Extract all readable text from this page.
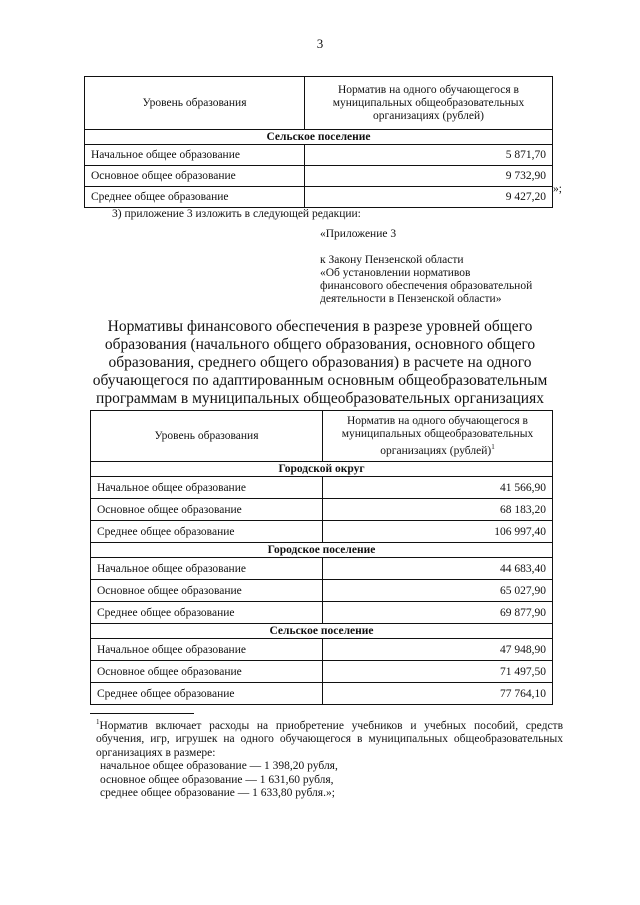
3
Уровень образования	Норматив на одного обучающегося в муниципальных общеобразовательных организациях (рублей)
Сельское поселение	
Начальное общее образование	5 871,70
Основное общее образование	9 732,90
Среднее общее образование	9 427,20
»;
3) приложение 3 изложить в следующей редакции:
«Приложение 3
к Закону Пензенской области
«Об установлении нормативов
финансового обеспечения образовательной
деятельности в Пензенской области»
Нормативы финансового обеспечения в разрезе уровней общего образования (начального общего образования, основного общего образования, среднего общего образования) в расчете на одного обучающегося по адаптированным основным общеобразовательным программам в муниципальных общеобразовательных организациях
Уровень образования	Норматив на одного обучающегося в муниципальных общеобразовательных организациях (рублей)$^1$
Городской округ	
Начальное общее образование	41 566,90
Основное общее образование	68 183,20
Среднее общее образование	106 997,40
Городское поселение	
Начальное общее образование	44 683,40
Основное общее образование	65 027,90
Среднее общее образование	69 877,90
Сельское поселение	
Начальное общее образование	47 948,90
Основное общее образование	71 497,50
Среднее общее образование	77 764,10
$^1$Норматив включает расходы на приобретение учебников и учебных пособий, средств обучения, игр, игрушек на одного обучающегося в муниципальных общеобразовательных организациях в размере:
начальное общее образование — 1 398,20 рубля,
основное общее образование — 1 631,60 рубля,
среднее общее образование — 1 633,80 рубля.»;
